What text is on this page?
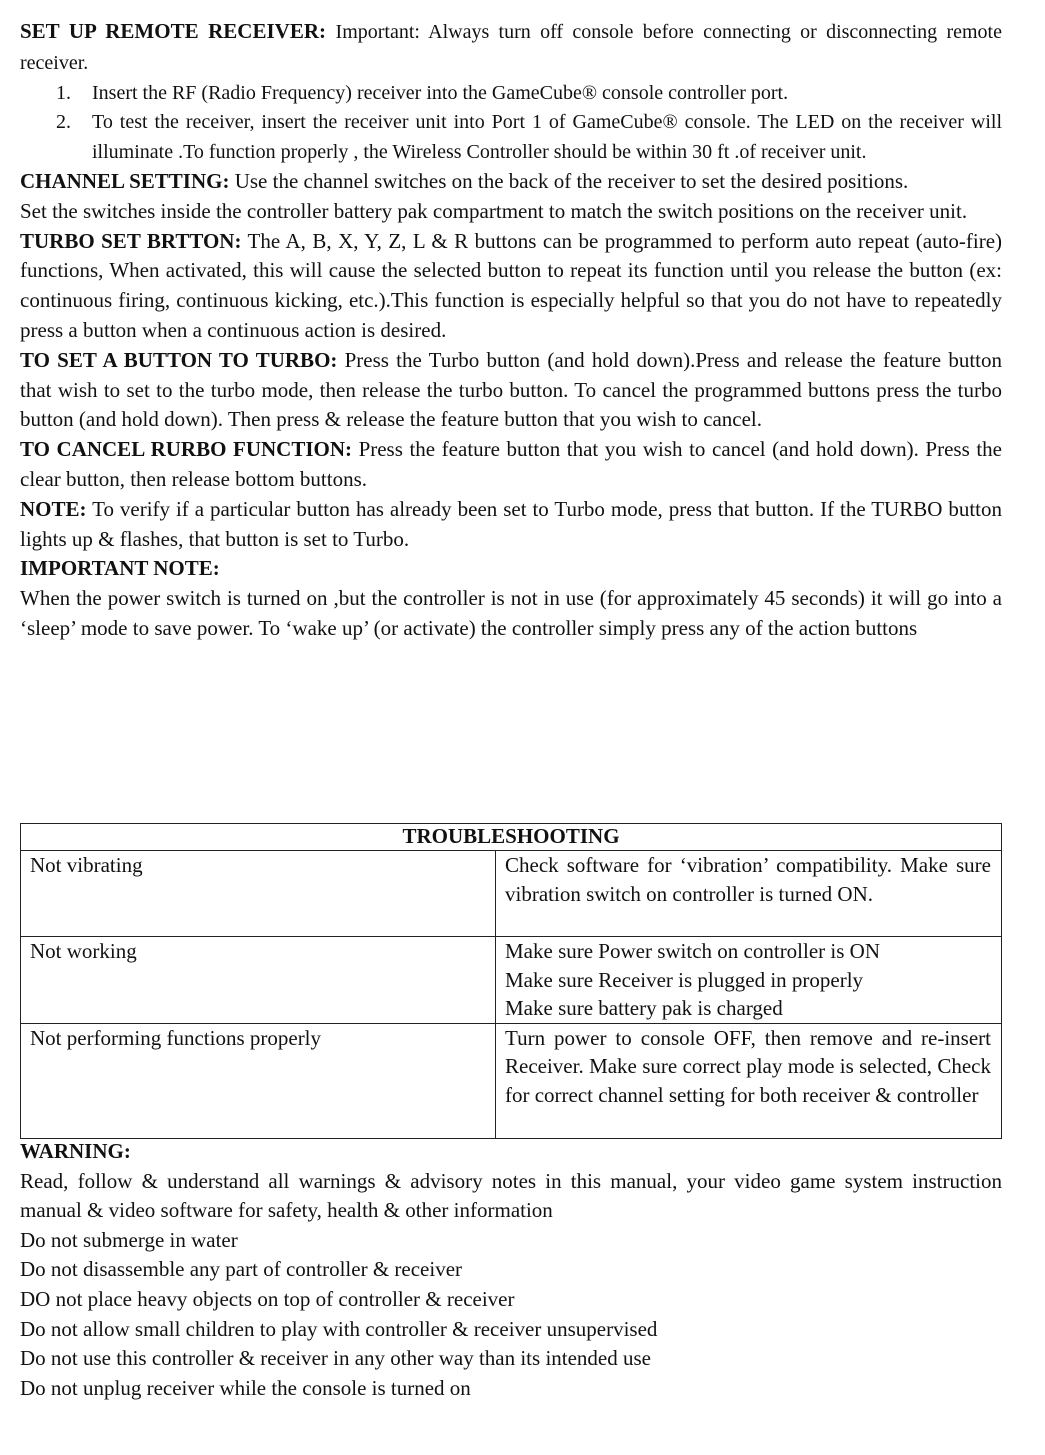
SET UP REMOTE RECEIVER: Important: Always turn off console before connecting or disconnecting remote receiver.

1. Insert the RF (Radio Frequency) receiver into the GameCube® console controller port.
2. To test the receiver, insert the receiver unit into Port 1 of GameCube® console. The LED on the receiver will illuminate .To function properly , the Wireless Controller should be within 30 ft .of receiver unit.

CHANNEL SETTING: Use the channel switches on the back of the receiver to set the desired positions.

Set the switches inside the controller battery pak compartment to match the switch positions on the receiver unit.

TURBO SET BRTTON: The A, B, X, Y, Z, L & R buttons can be programmed to perform auto repeat (auto-fire) functions, When activated, this will cause the selected button to repeat its function until you release the button (ex: continuous firing, continuous kicking, etc.).This function is especially helpful so that you do not have to repeatedly press a button when a continuous action is desired.

TO SET A BUTTON TO TURBO: Press the Turbo button (and hold down).Press and release the feature button that wish to set to the turbo mode, then release the turbo button. To cancel the programmed buttons press the turbo button (and hold down). Then press & release the feature button that you wish to cancel.

TO CANCEL RURBO FUNCTION: Press the feature button that you wish to cancel (and hold down). Press the clear button, then release bottom buttons.

NOTE: To verify if a particular button has already been set to Turbo mode, press that button. If the TURBO button lights up & flashes, that button is set to Turbo.

IMPORTANT NOTE:

When the power switch is turned on ,but the controller is not in use (for approximately 45 seconds) it will go into a ‘sleep’ mode to save power. To ‘wake up’ (or activate) the controller simply press any of the action buttons

TROUBLESHOOTING	
Not vibrating	Check software for ‘vibration’ compatibility. Make sure vibration switch on controller is turned ON.
Not working	Make sure Power switch on controller is ON
Make sure Receiver is plugged in properly
Make sure battery pak is charged

Not performing functions properly	Turn power to console OFF, then remove and re-insert Receiver. Make sure correct play mode is selected, Check for correct channel setting for both receiver & controller

WARNING:

Read, follow & understand all warnings & advisory notes in this manual, your video game system instruction manual & video software for safety, health & other information

Do not submerge in water

Do not disassemble any part of controller & receiver

DO not place heavy objects on top of controller & receiver

Do not allow small children to play with controller & receiver unsupervised

Do not use this controller & receiver in any other way than its intended use

Do not unplug receiver while the console is turned on
